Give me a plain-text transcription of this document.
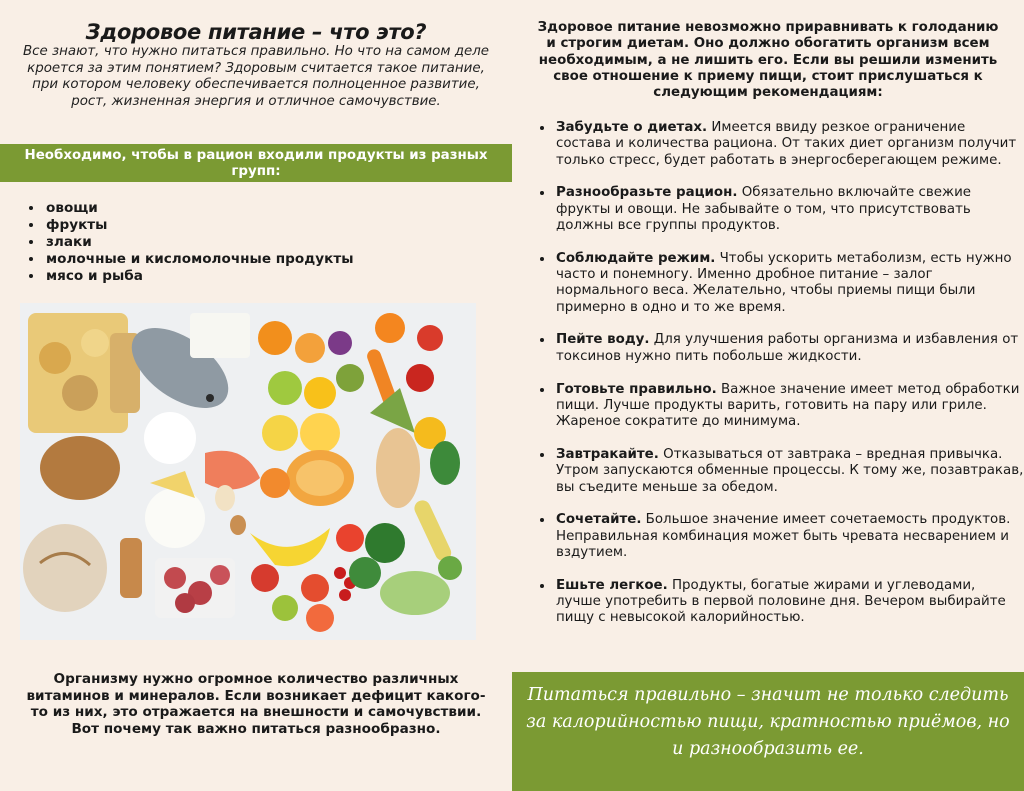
Здоровое питание – что это?
Все знают, что нужно питаться правильно. Но что на самом деле кроется за этим понятием? Здоровым считается такое питание, при котором человеку обеспечивается полноценное развитие, рост, жизненная энергия и отличное самочувствие.
Необходимо, чтобы в рацион входили продукты из разных групп:
• овощи
• фрукты
• злаки
• молочные и кисломолочные продукты
• мясо и рыба
Организму нужно огромное количество различных витаминов и минералов. Если возникает дефицит какого-то из них, это отражается на внешности и самочувствии. Вот почему так важно питаться разнообразно.
Здоровое питание невозможно приравнивать к голоданию и строгим диетам. Оно должно обогатить организм всем необходимым, а не лишить его. Если вы решили изменить свое отношение к приему пищи, стоит прислушаться к следующим рекомендациям:
• Забудьте о диетах. Имеется ввиду резкое ограничение состава и количества рациона. От таких диет организм получит только стресс, будет работать в энергосберегающем режиме.
• Разнообразьте рацион. Обязательно включайте свежие фрукты и овощи. Не забывайте о том, что присутствовать должны все группы продуктов.
• Соблюдайте режим. Чтобы ускорить метаболизм, есть нужно часто и понемногу. Именно дробное питание – залог нормального веса. Желательно, чтобы приемы пищи были примерно в одно и то же время.
• Пейте воду. Для улучшения работы организма и избавления от токсинов нужно пить побольше жидкости.
• Готовьте правильно. Важное значение имеет метод обработки пищи. Лучше продукты варить, готовить на пару или гриле. Жареное сократите до минимума.
• Завтракайте. Отказываться от завтрака – вредная привычка. Утром запускаются обменные процессы. К тому же, позавтракав, вы съедите меньше за обедом.
• Сочетайте. Большое значение имеет сочетаемость продуктов. Неправильная комбинация может быть чревата несварением и вздутием.
• Ешьте легкое. Продукты, богатые жирами и углеводами, лучше употребить в первой половине дня. Вечером выбирайте пищу с невысокой калорийностью.
Питаться правильно – значит не только следить за калорийностью пищи, кратностью приёмов, но и разнообразить ее.
